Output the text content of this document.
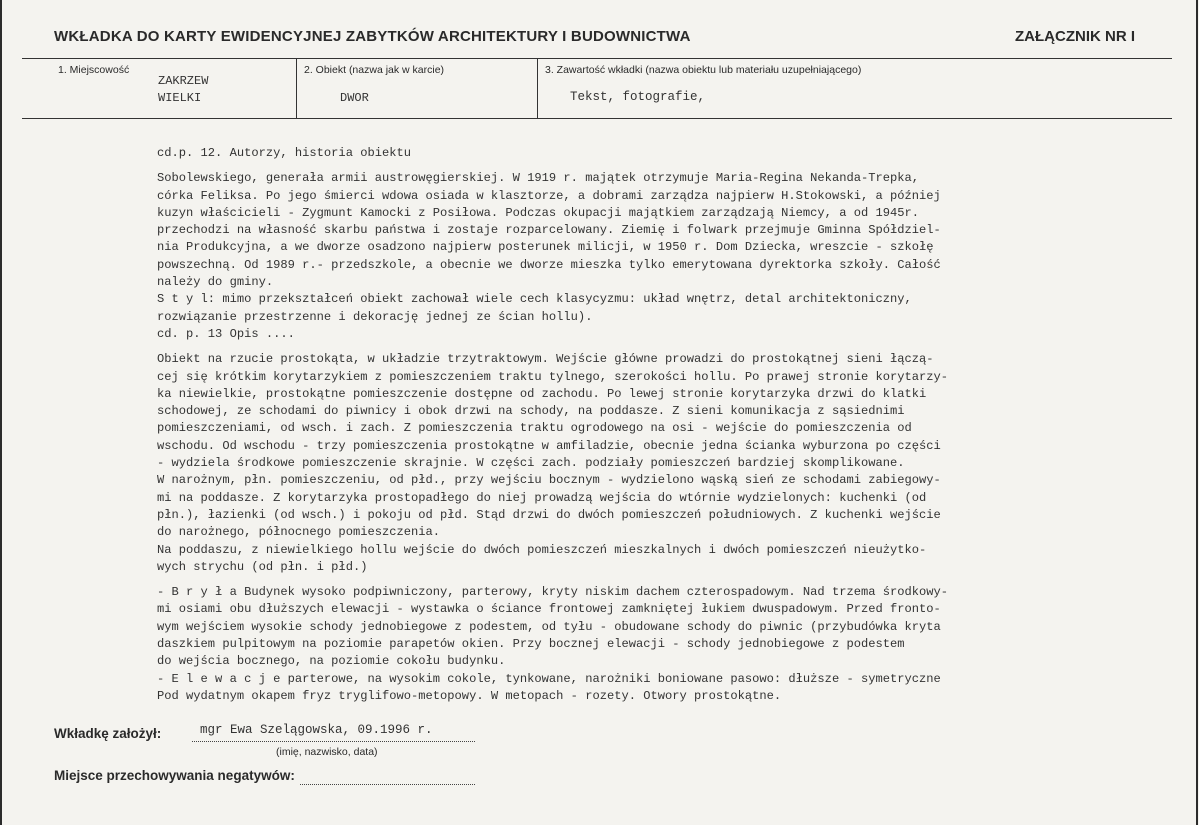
WKŁADKA DO KARTY EWIDENCYJNEJ ZABYTKÓW ARCHITEKTURY I BUDOWNICTWA	ZAŁĄCZNIK NR I
1. Miejscowość
ZAKRZEW
WIELKI
2. Obiekt (nazwa jak w karcie)
DWOR
3. Zawartość wkładki (nazwa obiektu lub materiału uzupełniającego)
Tekst, fotografie,
cd.p. 12. Autorzy, historia obiektu
Sobolewskiego, generała armii austrowęgierskiej. W 1919 r. majątek otrzymuje Maria-Regina Nekanda-Trepka,
córka Feliksa. Po jego śmierci wdowa osiada w klasztorze, a dobrami zarządza najpierw H.Stokowski, a później
kuzyn właścicieli - Zygmunt Kamocki z Posiłowa. Podczas okupacji majątkiem zarządzają Niemcy, a od 1945r.
przechodzi na własność skarbu państwa i zostaje rozparcelowany. Ziemię i folwark przejmuje Gminna Spółdziel-
nia Produkcyjna, a we dworze osadzono najpierw posterunek milicji, w 1950 r. Dom Dziecka, wreszcie - szkołę
powszechną. Od 1989 r.- przedszkole, a obecnie we dworze mieszka tylko emerytowana dyrektorka szkoły. Całość
należy do gminy.
S t y l: mimo przekształceń obiekt zachował wiele cech klasycyzmu: układ wnętrz, detal architektoniczny,
rozwiązanie przestrzenne i dekorację jednej ze ścian hollu).
cd. p. 13 Opis ....
Obiekt na rzucie prostokąta, w układzie trzytraktowym. Wejście główne prowadzi do prostokątnej sieni łączą-
cej się krótkim korytarzykiem z pomieszczeniem traktu tylnego, szerokości hollu. Po prawej stronie korytarzy-
ka niewielkie, prostokątne pomieszczenie dostępne od zachodu. Po lewej stronie korytarzyka drzwi do klatki
schodowej, ze schodami do piwnicy i obok drzwi na schody, na poddasze. Z sieni komunikacja z sąsiednimi
pomieszczeniami, od wsch. i zach. Z pomieszczenia traktu ogrodowego na osi - wejście do pomieszczenia od
wschodu. Od wschodu - trzy pomieszczenia prostokątne w amfiladzie, obecnie jedna ścianka wyburzona po części
- wydziela środkowe pomieszczenie skrajnie. W części zach. podziały pomieszczeń bardziej skomplikowane.
W narożnym, płn. pomieszczeniu, od płd., przy wejściu bocznym - wydzielono wąską sień ze schodami zabiegowy-
mi na poddasze. Z korytarzyka prostopadłego do niej prowadzą wejścia do wtórnie wydzielonych: kuchenki (od
płn.), łazienki (od wsch.) i pokoju od płd. Stąd drzwi do dwóch pomieszczeń południowych. Z kuchenki wejście
do narożnego, północnego pomieszczenia.
Na poddaszu, z niewielkiego hollu wejście do dwóch pomieszczeń mieszkalnych i dwóch pomieszczeń nieużytko-
wych strychu (od płn. i płd.)
- B r y ł a Budynek wysoko podpiwniczony, parterowy, kryty niskim dachem czterospadowym. Nad trzema środkowy-
mi osiami obu dłuższych elewacji - wystawka o ściance frontowej zamkniętej łukiem dwuspadowym. Przed fronto-
wym wejściem wysokie schody jednobiegowe z podestem, od tyłu - obudowane schody do piwnic (przybudówka kryta
daszkiem pulpitowym na poziomie parapetów okien. Przy bocznej elewacji - schody jednobiegowe z podestem
do wejścia bocznego, na poziomie cokołu budynku.
- E l e w a c j e parterowe, na wysokim cokole, tynkowane, narożniki boniowane pasowo: dłuższe - symetryczne
Pod wydatnym okapem fryz tryglifowo-metopowy. W metopach - rozety. Otwory prostokątne.
Wkładkę założył:	mgr Ewa Szelągowska, 09.1996 r.
(imię, nazwisko, data)
Miejsce przechowywania negatywów:
